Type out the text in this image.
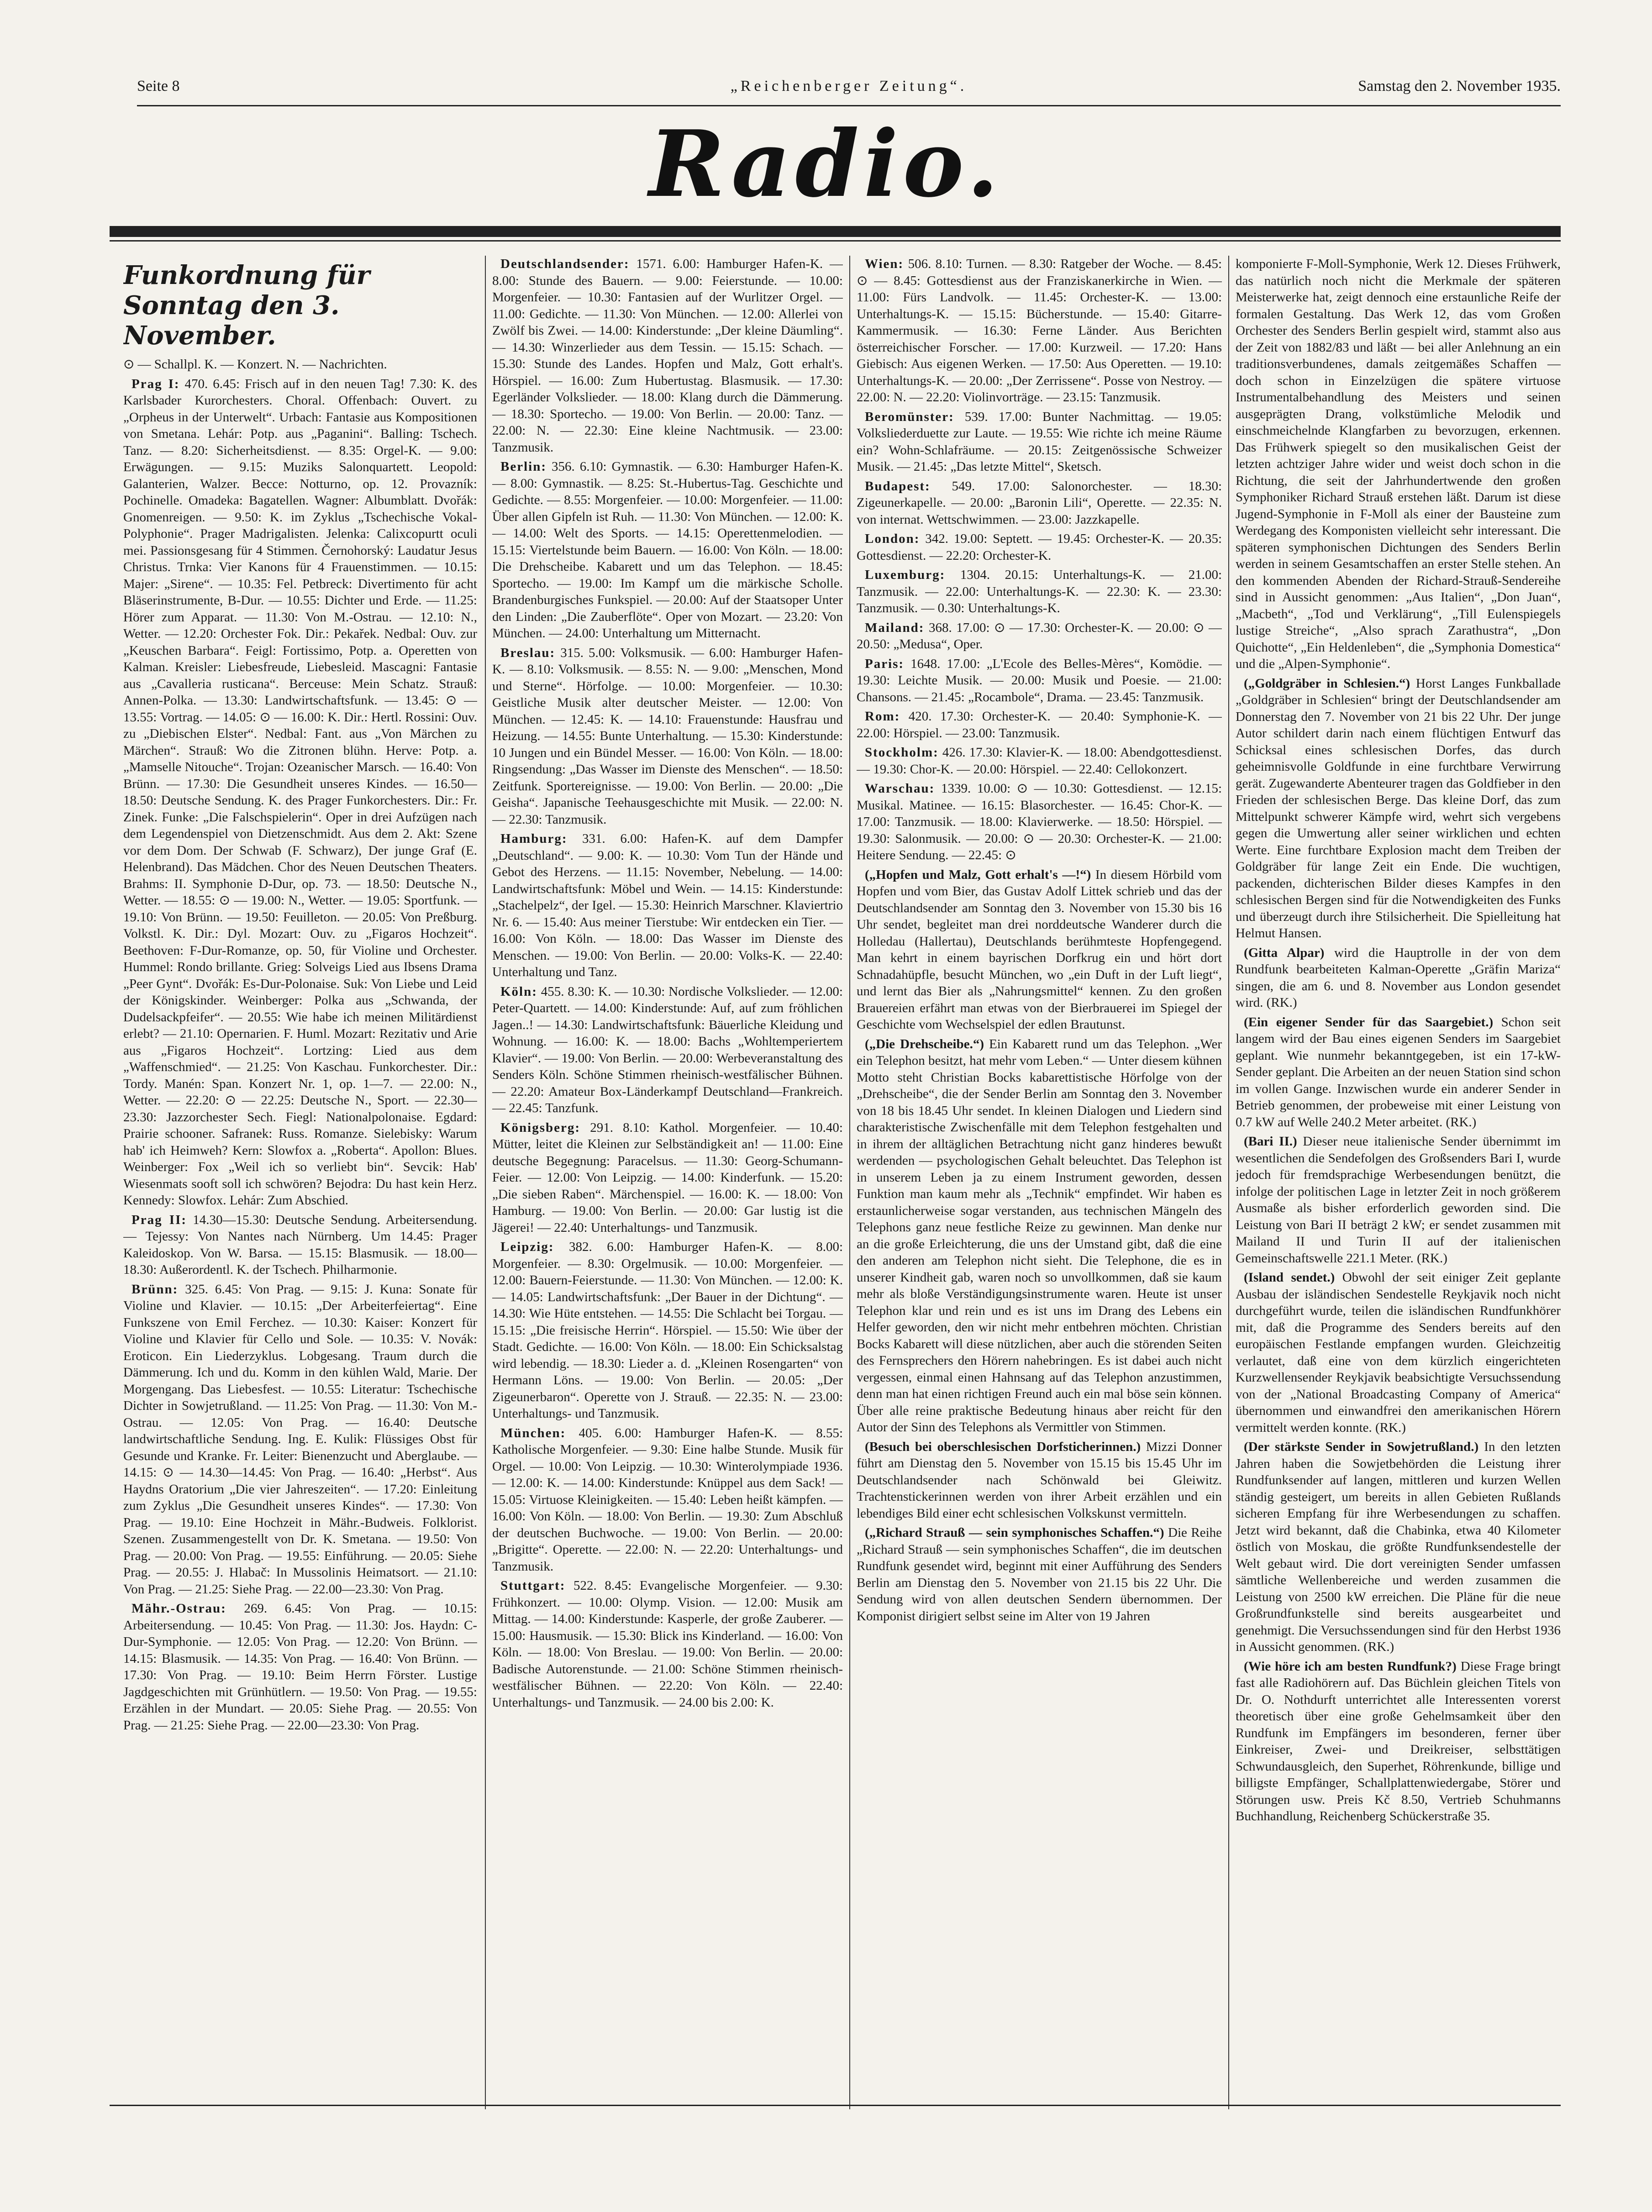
Seite 8	„Reichenberger Zeitung“.	Samstag den 2. November 1935.
Radio.
Funkordnung für Sonntag den 3. November.

⊙ — Schallpl. K. — Konzert. N. — Nachrichten.

Prag I: 470. 6.45: Frisch auf in den neuen Tag! 7.30: K. des Karlsbader Kurorchesters. Choral. Offenbach: Ouvert. zu „Orpheus in der Unterwelt“. Urbach: Fantasie aus Kompositionen von Smetana. Lehár: Potp. aus „Paganini“. Balling: Tschech. Tanz. — 8.20: Sicherheitsdienst. — 8.35: Orgel-K. — 9.00: Erwägungen. — 9.15: Muziks Salonquartett. Leopold: Galanterien, Walzer. Becce: Notturno, op. 12. Provazník: Pochinelle. Omadeka: Bagatellen. Wagner: Albumblatt. Dvořák: Gnomenreigen. — 9.50: K. im Zyklus „Tschechische Vokal-Polyphonie“. Prager Madrigalisten. Jelenka: Calixcopurtt oculi mei. Passionsgesang für 4 Stimmen. Černohorský: Laudatur Jesus Christus. Trnka: Vier Kanons für 4 Frauenstimmen. — 10.15: Majer: „Sirene“. — 10.35: Fel. Petbreck: Divertimento für acht Bläserinstrumente, B-Dur. — 10.55: Dichter und Erde. — 11.25: Hörer zum Apparat. — 11.30: Von M.-Ostrau. — 12.10: N., Wetter. — 12.20: Orchester Fok. Dir.: Pekařek. Nedbal: Ouv. zur „Keuschen Barbara“. Feigl: Fortissimo, Potp. a. Operetten von Kalman. Kreisler: Liebesfreude, Liebesleid. Mascagni: Fantasie aus „Cavalleria rusticana“. Berceuse: Mein Schatz. Strauß: Annen-Polka. — 13.30: Landwirtschaftsfunk. — 13.45: ⊙ — 13.55: Vortrag. — 14.05: ⊙ — 16.00: K. Dir.: Hertl. Rossini: Ouv. zu „Diebischen Elster“. Nedbal: Fant. aus „Von Märchen zu Märchen“. Strauß: Wo die Zitronen blühn. Herve: Potp. a. „Mamselle Nitouche“. Trojan: Ozeanischer Marsch. — 16.40: Von Brünn. — 17.30: Die Gesundheit unseres Kindes. — 16.50—18.50: Deutsche Sendung. K. des Prager Funkorchesters. Dir.: Fr. Zinek. Funke: „Die Falschspielerin“. Oper in drei Aufzügen nach dem Legendenspiel von Dietzenschmidt. Aus dem 2. Akt: Szene vor dem Dom. Der Schwab (F. Schwarz), Der junge Graf (E. Helenbrand). Das Mädchen. Chor des Neuen Deutschen Theaters. Brahms: II. Symphonie D-Dur, op. 73. — 18.50: Deutsche N., Wetter. — 18.55: ⊙ — 19.00: N., Wetter. — 19.05: Sportfunk. — 19.10: Von Brünn. — 19.50: Feuilleton. — 20.05: Von Preßburg. Volkstl. K. Dir.: Dyl. Mozart: Ouv. zu „Figaros Hochzeit“. Beethoven: F-Dur-Romanze, op. 50, für Violine und Orchester. Hummel: Rondo brillante. Grieg: Solveigs Lied aus Ibsens Drama „Peer Gynt“. Dvořák: Es-Dur-Polonaise. Suk: Von Liebe und Leid der Königskinder. Weinberger: Polka aus „Schwanda, der Dudelsackpfeifer“. — 20.55: Wie habe ich meinen Militärdienst erlebt? — 21.10: Opernarien. F. Huml. Mozart: Rezitativ und Arie aus „Figaros Hochzeit“. Lortzing: Lied aus dem „Waffenschmied“. — 21.25: Von Kaschau. Funkorchester. Dir.: Tordy. Manén: Span. Konzert Nr. 1, op. 1—7. — 22.00: N., Wetter. — 22.20: ⊙ — 22.25: Deutsche N., Sport. — 22.30—23.30: Jazzorchester Sech. Fiegl: Nationalpolonaise. Egdard: Prairie schooner. Safranek: Russ. Romanze. Sielebisky: Warum hab' ich Heimweh? Kern: Slowfox a. „Roberta“. Apollon: Blues. Weinberger: Fox „Weil ich so verliebt bin“. Sevcik: Hab' Wiesenmats sooft soll ich schwören? Bejodra: Du hast kein Herz. Kennedy: Slowfox. Lehár: Zum Abschied.

Prag II: 14.30—15.30: Deutsche Sendung. Arbeitersendung. — Tejessy: Von Nantes nach Nürnberg. Um 14.45: Prager Kaleidoskop. Von W. Barsa. — 15.15: Blasmusik. — 18.00—18.30: Außerordentl. K. der Tschech. Philharmonie.

Brünn: 325. 6.45: Von Prag. — 9.15: J. Kuna: Sonate für Violine und Klavier. — 10.15: „Der Arbeiterfeiertag“. Eine Funkszene von Emil Ferchez. — 10.30: Kaiser: Konzert für Violine und Klavier für Cello und Sole. — 10.35: V. Novák: Eroticon. Ein Liederzyklus. Lobgesang. Traum durch die Dämmerung. Ich und du. Komm in den kühlen Wald, Marie. Der Morgengang. Das Liebesfest. — 10.55: Literatur: Tschechische Dichter in Sowjetrußland. — 11.25: Von Prag. — 11.30: Von M.-Ostrau. — 12.05: Von Prag. — 16.40: Deutsche landwirtschaftliche Sendung. Ing. E. Kulik: Flüssiges Obst für Gesunde und Kranke. Fr. Leiter: Bienenzucht und Aberglaube. — 14.15: ⊙ — 14.30—14.45: Von Prag. — 16.40: „Herbst“. Aus Haydns Oratorium „Die vier Jahreszeiten“. — 17.20: Einleitung zum Zyklus „Die Gesundheit unseres Kindes“. — 17.30: Von Prag. — 19.10: Eine Hochzeit in Mähr.-Budweis. Folklorist. Szenen. Zusammengestellt von Dr. K. Smetana. — 19.50: Von Prag. — 20.00: Von Prag. — 19.55: Einführung. — 20.05: Siehe Prag. — 20.55: J. Hlabač: In Mussolinis Heimatsort. — 21.10: Von Prag. — 21.25: Siehe Prag. — 22.00—23.30: Von Prag.

Mähr.-Ostrau: 269. 6.45: Von Prag. — 10.15: Arbeitersendung. — 10.45: Von Prag. — 11.30: Jos. Haydn: C-Dur-Symphonie. — 12.05: Von Prag. — 12.20: Von Brünn. — 14.15: Blasmusik. — 14.35: Von Prag. — 16.40: Von Brünn. — 17.30: Von Prag. — 19.10: Beim Herrn Förster. Lustige Jagdgeschichten mit Grünhütlern. — 19.50: Von Prag. — 19.55: Erzählen in der Mundart. — 20.05: Siehe Prag. — 20.55: Von Prag. — 21.25: Siehe Prag. — 22.00—23.30: Von Prag.

Deutschlandsender: 1571. 6.00: Hamburger Hafen-K. — 8.00: Stunde des Bauern. — 9.00: Feierstunde. — 10.00: Morgenfeier. — 10.30: Fantasien auf der Wurlitzer Orgel. — 11.00: Gedichte. — 11.30: Von München. — 12.00: Allerlei von Zwölf bis Zwei. — 14.00: Kinderstunde: „Der kleine Däumling“. — 14.30: Winzerlieder aus dem Tessin. — 15.15: Schach. — 15.30: Stunde des Landes. Hopfen und Malz, Gott erhalt's. Hörspiel. — 16.00: Zum Hubertustag. Blasmusik. — 17.30: Egerländer Volkslieder. — 18.00: Klang durch die Dämmerung. — 18.30: Sportecho. — 19.00: Von Berlin. — 20.00: Tanz. — 22.00: N. — 22.30: Eine kleine Nachtmusik. — 23.00: Tanzmusik.

Berlin: 356. 6.10: Gymnastik. — 6.30: Hamburger Hafen-K. — 8.00: Gymnastik. — 8.25: St.-Hubertus-Tag. Geschichte und Gedichte. — 8.55: Morgenfeier. — 10.00: Morgenfeier. — 11.00: Über allen Gipfeln ist Ruh. — 11.30: Von München. — 12.00: K. — 14.00: Welt des Sports. — 14.15: Operettenmelodien. — 15.15: Viertelstunde beim Bauern. — 16.00: Von Köln. — 18.00: Die Drehscheibe. Kabarett und um das Telephon. — 18.45: Sportecho. — 19.00: Im Kampf um die märkische Scholle. Brandenburgisches Funkspiel. — 20.00: Auf der Staatsoper Unter den Linden: „Die Zauberflöte“. Oper von Mozart. — 23.20: Von München. — 24.00: Unterhaltung um Mitternacht.

Breslau: 315. 5.00: Volksmusik. — 6.00: Hamburger Hafen-K. — 8.10: Volksmusik. — 8.55: N. — 9.00: „Menschen, Mond und Sterne“. Hörfolge. — 10.00: Morgenfeier. — 10.30: Geistliche Musik alter deutscher Meister. — 12.00: Von München. — 12.45: K. — 14.10: Frauenstunde: Hausfrau und Heizung. — 14.55: Bunte Unterhaltung. — 15.30: Kinderstunde: 10 Jungen und ein Bündel Messer. — 16.00: Von Köln. — 18.00: Ringsendung: „Das Wasser im Dienste des Menschen“. — 18.50: Zeitfunk. Sportereignisse. — 19.00: Von Berlin. — 20.00: „Die Geisha“. Japanische Teehausgeschichte mit Musik. — 22.00: N. — 22.30: Tanzmusik.

Hamburg: 331. 6.00: Hafen-K. auf dem Dampfer „Deutschland“. — 9.00: K. — 10.30: Vom Tun der Hände und Gebot des Herzens. — 11.15: November, Nebelung. — 14.00: Landwirtschaftsfunk: Möbel und Wein. — 14.15: Kinderstunde: „Stachelpelz“, der Igel. — 15.30: Heinrich Marschner. Klaviertrio Nr. 6. — 15.40: Aus meiner Tierstube: Wir entdecken ein Tier. — 16.00: Von Köln. — 18.00: Das Wasser im Dienste des Menschen. — 19.00: Von Berlin. — 20.00: Volks-K. — 22.40: Unterhaltung und Tanz.

Köln: 455. 8.30: K. — 10.30: Nordische Volkslieder. — 12.00: Peter-Quartett. — 14.00: Kinderstunde: Auf, auf zum fröhlichen Jagen..! — 14.30: Landwirtschaftsfunk: Bäuerliche Kleidung und Wohnung. — 16.00: K. — 18.00: Bachs „Wohltemperiertem Klavier“. — 19.00: Von Berlin. — 20.00: Werbeveranstaltung des Senders Köln. Schöne Stimmen rheinisch-westfälischer Bühnen. — 22.20: Amateur Box-Länderkampf Deutschland—Frankreich. — 22.45: Tanzfunk.

Königsberg: 291. 8.10: Kathol. Morgenfeier. — 10.40: Mütter, leitet die Kleinen zur Selbständigkeit an! — 11.00: Eine deutsche Begegnung: Paracelsus. — 11.30: Georg-Schumann-Feier. — 12.00: Von Leipzig. — 14.00: Kinderfunk. — 15.20: „Die sieben Raben“. Märchenspiel. — 16.00: K. — 18.00: Von Hamburg. — 19.00: Von Berlin. — 20.00: Gar lustig ist die Jägerei! — 22.40: Unterhaltungs- und Tanzmusik.

Leipzig: 382. 6.00: Hamburger Hafen-K. — 8.00: Morgenfeier. — 8.30: Orgelmusik. — 10.00: Morgenfeier. — 12.00: Bauern-Feierstunde. — 11.30: Von München. — 12.00: K. — 14.05: Landwirtschaftsfunk: „Der Bauer in der Dichtung“. — 14.30: Wie Hüte entstehen. — 14.55: Die Schlacht bei Torgau. — 15.15: „Die freisische Herrin“. Hörspiel. — 15.50: Wie über der Stadt. Gedichte. — 16.00: Von Köln. — 18.00: Ein Schicksalstag wird lebendig. — 18.30: Lieder a. d. „Kleinen Rosengarten“ von Hermann Löns. — 19.00: Von Berlin. — 20.05: „Der Zigeunerbaron“. Operette von J. Strauß. — 22.35: N. — 23.00: Unterhaltungs- und Tanzmusik.

München: 405. 6.00: Hamburger Hafen-K. — 8.55: Katholische Morgenfeier. — 9.30: Eine halbe Stunde. Musik für Orgel. — 10.00: Von Leipzig. — 10.30: Winterolympiade 1936. — 12.00: K. — 14.00: Kinderstunde: Knüppel aus dem Sack! — 15.05: Virtuose Kleinigkeiten. — 15.40: Leben heißt kämpfen. — 16.00: Von Köln. — 18.00: Von Berlin. — 19.30: Zum Abschluß der deutschen Buchwoche. — 19.00: Von Berlin. — 20.00: „Brigitte“. Operette. — 22.00: N. — 22.20: Unterhaltungs- und Tanzmusik.

Stuttgart: 522. 8.45: Evangelische Morgenfeier. — 9.30: Frühkonzert. — 10.00: Olymp. Vision. — 12.00: Musik am Mittag. — 14.00: Kinderstunde: Kasperle, der große Zauberer. — 15.00: Hausmusik. — 15.30: Blick ins Kinderland. — 16.00: Von Köln. — 18.00: Von Breslau. — 19.00: Von Berlin. — 20.00: Badische Autorenstunde. — 21.00: Schöne Stimmen rheinisch-westfälischer Bühnen. — 22.20: Von Köln. — 22.40: Unterhaltungs- und Tanzmusik. — 24.00 bis 2.00: K.

Wien: 506. 8.10: Turnen. — 8.30: Ratgeber der Woche. — 8.45: ⊙ — 8.45: Gottesdienst aus der Franziskanerkirche in Wien. — 11.00: Fürs Landvolk. — 11.45: Orchester-K. — 13.00: Unterhaltungs-K. — 15.15: Bücherstunde. — 15.40: Gitarre-Kammermusik. — 16.30: Ferne Länder. Aus Berichten österreichischer Forscher. — 17.00: Kurzweil. — 17.20: Hans Giebisch: Aus eigenen Werken. — 17.50: Aus Operetten. — 19.10: Unterhaltungs-K. — 20.00: „Der Zerrissene“. Posse von Nestroy. — 22.00: N. — 22.20: Violinvorträge. — 23.15: Tanzmusik.

Beromünster: 539. 17.00: Bunter Nachmittag. — 19.05: Volksliederduette zur Laute. — 19.55: Wie richte ich meine Räume ein? Wohn-Schlafräume. — 20.15: Zeitgenössische Schweizer Musik. — 21.45: „Das letzte Mittel“, Sketsch.

Budapest: 549. 17.00: Salonorchester. — 18.30: Zigeunerkapelle. — 20.00: „Baronin Lili“, Operette. — 22.35: N. von internat. Wettschwimmen. — 23.00: Jazzkapelle.

London: 342. 19.00: Septett. — 19.45: Orchester-K. — 20.35: Gottesdienst. — 22.20: Orchester-K.

Luxemburg: 1304. 20.15: Unterhaltungs-K. — 21.00: Tanzmusik. — 22.00: Unterhaltungs-K. — 22.30: K. — 23.30: Tanzmusik. — 0.30: Unterhaltungs-K.

Mailand: 368. 17.00: ⊙ — 17.30: Orchester-K. — 20.00: ⊙ — 20.50: „Medusa“, Oper.

Paris: 1648. 17.00: „L'Ecole des Belles-Mères“, Komödie. — 19.30: Leichte Musik. — 20.00: Musik und Poesie. — 21.00: Chansons. — 21.45: „Rocambole“, Drama. — 23.45: Tanzmusik.

Rom: 420. 17.30: Orchester-K. — 20.40: Symphonie-K. — 22.00: Hörspiel. — 23.00: Tanzmusik.

Stockholm: 426. 17.30: Klavier-K. — 18.00: Abendgottesdienst. — 19.30: Chor-K. — 20.00: Hörspiel. — 22.40: Cellokonzert.

Warschau: 1339. 10.00: ⊙ — 10.30: Gottesdienst. — 12.15: Musikal. Matinee. — 16.15: Blasorchester. — 16.45: Chor-K. — 17.00: Tanzmusik. — 18.00: Klavierwerke. — 18.50: Hörspiel. — 19.30: Salonmusik. — 20.00: ⊙ — 20.30: Orchester-K. — 21.00: Heitere Sendung. — 22.45: ⊙

(„Hopfen und Malz, Gott erhalt's —!“) In diesem Hörbild vom Hopfen und vom Bier, das Gustav Adolf Littek schrieb und das der Deutschlandsender am Sonntag den 3. November von 15.30 bis 16 Uhr sendet, begleitet man drei norddeutsche Wanderer durch die Holledau (Hallertau), Deutschlands berühmteste Hopfengegend. Man kehrt in einem bayrischen Dorfkrug ein und hört dort Schnadahüpfle, besucht München, wo „ein Duft in der Luft liegt“, und lernt das Bier als „Nahrungsmittel“ kennen. Zu den großen Brauereien erfährt man etwas von der Bierbrauerei im Spiegel der Geschichte vom Wechselspiel der edlen Brautunst.

(„Die Drehscheibe.“) Ein Kabarett rund um das Telephon. „Wer ein Telephon besitzt, hat mehr vom Leben.“ — Unter diesem kühnen Motto steht Christian Bocks kabarettistische Hörfolge von der „Drehscheibe“, die der Sender Berlin am Sonntag den 3. November von 18 bis 18.45 Uhr sendet. In kleinen Dialogen und Liedern sind charakteristische Zwischenfälle mit dem Telephon festgehalten und in ihrem der alltäglichen Betrachtung nicht ganz hinderes bewußt werdenden — psychologischen Gehalt beleuchtet. Das Telephon ist in unserem Leben ja zu einem Instrument geworden, dessen Funktion man kaum mehr als „Technik“ empfindet. Wir haben es erstaunlicherweise sogar verstanden, aus technischen Mängeln des Telephons ganz neue festliche Reize zu gewinnen. Man denke nur an die große Erleichterung, die uns der Umstand gibt, daß die eine den anderen am Telephon nicht sieht. Die Telephone, die es in unserer Kindheit gab, waren noch so unvollkommen, daß sie kaum mehr als bloße Verständigungsinstrumente waren. Heute ist unser Telephon klar und rein und es ist uns im Drang des Lebens ein Helfer geworden, den wir nicht mehr entbehren möchten. Christian Bocks Kabarett will diese nützlichen, aber auch die störenden Seiten des Fernsprechers den Hörern nahebringen. Es ist dabei auch nicht vergessen, einmal einen Hahnsang auf das Telephon anzustimmen, denn man hat einen richtigen Freund auch ein mal böse sein können. Über alle reine praktische Bedeutung hinaus aber reicht für den Autor der Sinn des Telephons als Vermittler von Stimmen.

(Besuch bei oberschlesischen Dorfsticherinnen.) Mizzi Donner führt am Dienstag den 5. November von 15.15 bis 15.45 Uhr im Deutschlandsender nach Schönwald bei Gleiwitz. Trachtenstickerinnen werden von ihrer Arbeit erzählen und ein lebendiges Bild einer echt schlesischen Volkskunst vermitteln.

(„Richard Strauß — sein symphonisches Schaffen.“) Die Reihe „Richard Strauß — sein symphonisches Schaffen“, die im deutschen Rundfunk gesendet wird, beginnt mit einer Aufführung des Senders Berlin am Dienstag den 5. November von 21.15 bis 22 Uhr. Die Sendung wird von allen deutschen Sendern übernommen. Der Komponist dirigiert selbst seine im Alter von 19 Jahren

komponierte F-Moll-Symphonie, Werk 12. Dieses Frühwerk, das natürlich noch nicht die Merkmale der späteren Meisterwerke hat, zeigt dennoch eine erstaunliche Reife der formalen Gestaltung. Das Werk 12, das vom Großen Orchester des Senders Berlin gespielt wird, stammt also aus der Zeit von 1882/83 und läßt — bei aller Anlehnung an ein traditionsverbundenes, damals zeitgemäßes Schaffen — doch schon in Einzelzügen die spätere virtuose Instrumentalbehandlung des Meisters und seinen ausgeprägten Drang, volkstümliche Melodik und einschmeichelnde Klangfarben zu bevorzugen, erkennen. Das Frühwerk spiegelt so den musikalischen Geist der letzten achtziger Jahre wider und weist doch schon in die Richtung, die seit der Jahrhundertwende den großen Symphoniker Richard Strauß erstehen läßt. Darum ist diese Jugend-Symphonie in F-Moll als einer der Bausteine zum Werdegang des Komponisten vielleicht sehr interessant. Die späteren symphonischen Dichtungen des Senders Berlin werden in seinem Gesamtschaffen an erster Stelle stehen. An den kommenden Abenden der Richard-Strauß-Sendereihe sind in Aussicht genommen: „Aus Italien“, „Don Juan“, „Macbeth“, „Tod und Verklärung“, „Till Eulenspiegels lustige Streiche“, „Also sprach Zarathustra“, „Don Quichotte“, „Ein Heldenleben“, die „Symphonia Domestica“ und die „Alpen-Symphonie“.

(„Goldgräber in Schlesien.“) Horst Langes Funkballade „Goldgräber in Schlesien“ bringt der Deutschlandsender am Donnerstag den 7. November von 21 bis 22 Uhr. Der junge Autor schildert darin nach einem flüchtigen Entwurf das Schicksal eines schlesischen Dorfes, das durch geheimnisvolle Goldfunde in eine furchtbare Verwirrung gerät. Zugewanderte Abenteurer tragen das Goldfieber in den Frieden der schlesischen Berge. Das kleine Dorf, das zum Mittelpunkt schwerer Kämpfe wird, wehrt sich vergebens gegen die Umwertung aller seiner wirklichen und echten Werte. Eine furchtbare Explosion macht dem Treiben der Goldgräber für lange Zeit ein Ende. Die wuchtigen, packenden, dichterischen Bilder dieses Kampfes in den schlesischen Bergen sind für die Notwendigkeiten des Funks und überzeugt durch ihre Stilsicherheit. Die Spielleitung hat Helmut Hansen.

(Gitta Alpar) wird die Hauptrolle in der von dem Rundfunk bearbeiteten Kalman-Operette „Gräfin Mariza“ singen, die am 6. und 8. November aus London gesendet wird. (RK.)

(Ein eigener Sender für das Saargebiet.) Schon seit langem wird der Bau eines eigenen Senders im Saargebiet geplant. Wie nunmehr bekanntgegeben, ist ein 17-kW-Sender geplant. Die Arbeiten an der neuen Station sind schon im vollen Gange. Inzwischen wurde ein anderer Sender in Betrieb genommen, der probeweise mit einer Leistung von 0.7 kW auf Welle 240.2 Meter arbeitet. (RK.)

(Bari II.) Dieser neue italienische Sender übernimmt im wesentlichen die Sendefolgen des Großsenders Bari I, wurde jedoch für fremdsprachige Werbesendungen benützt, die infolge der politischen Lage in letzter Zeit in noch größerem Ausmaße als bisher erforderlich geworden sind. Die Leistung von Bari II beträgt 2 kW; er sendet zusammen mit Mailand II und Turin II auf der italienischen Gemeinschaftswelle 221.1 Meter. (RK.)

(Island sendet.) Obwohl der seit einiger Zeit geplante Ausbau der isländischen Sendestelle Reykjavik noch nicht durchgeführt wurde, teilen die isländischen Rundfunkhörer mit, daß die Programme des Senders bereits auf den europäischen Festlande empfangen wurden. Gleichzeitig verlautet, daß eine von dem kürzlich eingerichteten Kurzwellensender Reykjavik beabsichtigte Versuchssendung von der „National Broadcasting Company of America“ übernommen und einwandfrei den amerikanischen Hörern vermittelt werden konnte. (RK.)

(Der stärkste Sender in Sowjetrußland.) In den letzten Jahren haben die Sowjetbehörden die Leistung ihrer Rundfunksender auf langen, mittleren und kurzen Wellen ständig gesteigert, um bereits in allen Gebieten Rußlands sicheren Empfang für ihre Werbesendungen zu schaffen. Jetzt wird bekannt, daß die Chabinka, etwa 40 Kilometer östlich von Moskau, die größte Rundfunksendestelle der Welt gebaut wird. Die dort vereinigten Sender umfassen sämtliche Wellenbereiche und werden zusammen die Leistung von 2500 kW erreichen. Die Pläne für die neue Großrundfunkstelle sind bereits ausgearbeitet und genehmigt. Die Versuchssendungen sind für den Herbst 1936 in Aussicht genommen. (RK.)

(Wie höre ich am besten Rundfunk?) Diese Frage bringt fast alle Radiohörern auf. Das Büchlein gleichen Titels von Dr. O. Nothdurft unterrichtet alle Interessenten vorerst theoretisch über eine große Gehelmsamkeit über den Rundfunk im Empfängers im besonderen, ferner über Einkreiser, Zwei- und Dreikreiser, selbsttätigen Schwundausgleich, den Superhet, Röhrenkunde, billige und billigste Empfänger, Schallplattenwiedergabe, Störer und Störungen usw. Preis Kč 8.50, Vertrieb Schuhmanns Buchhandlung, Reichenberg Schückerstraße 35.
